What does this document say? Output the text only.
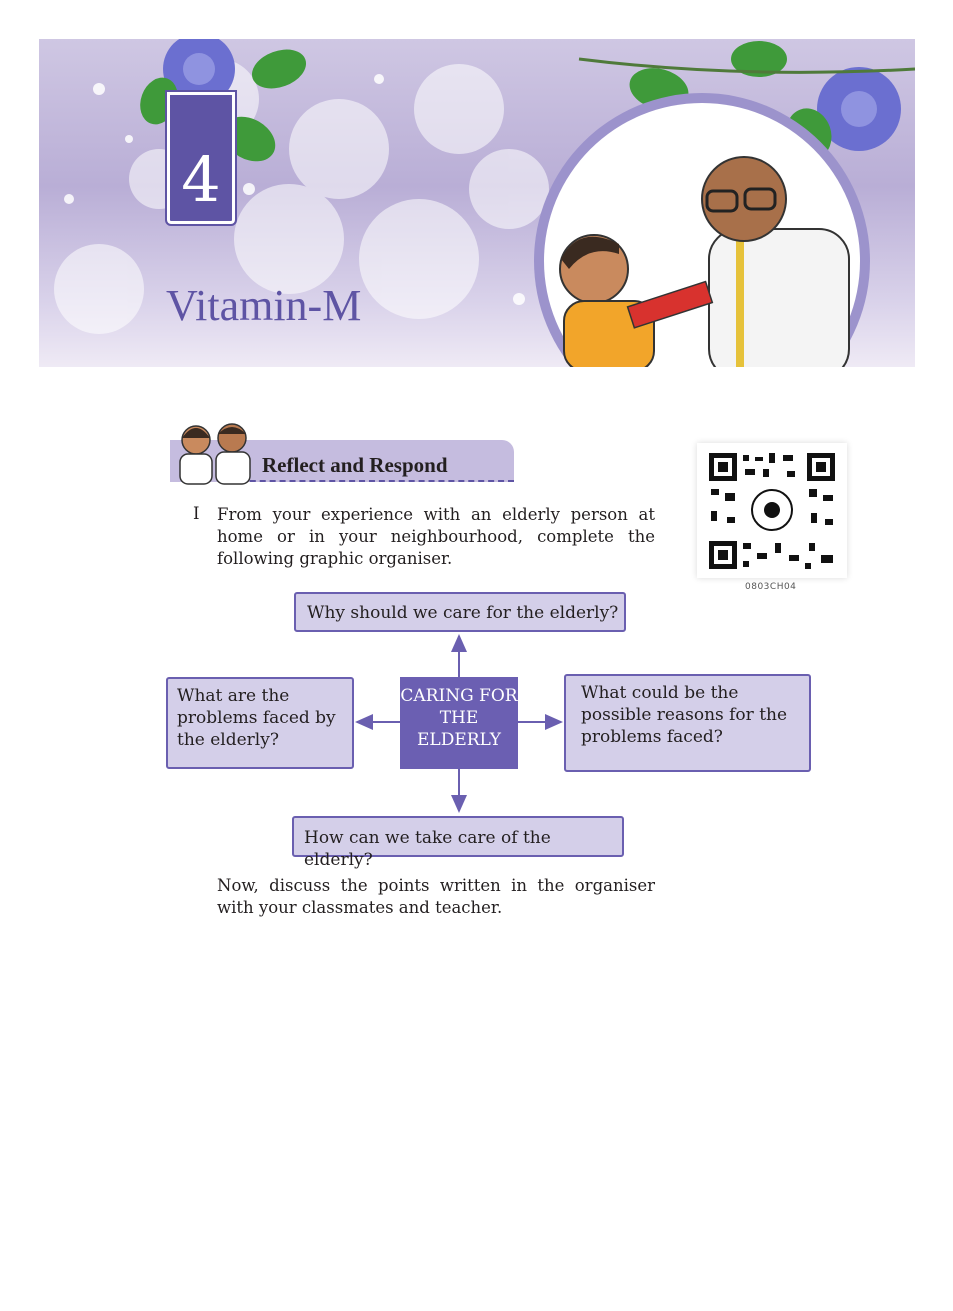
4
Vitamin-M
Reflect and Respond
I From your experience with an elderly person at home or in your neighbourhood, complete the following graphic organiser.
0803CH04
CARING FOR THE ELDERLY
Why should we care for the elderly?
What are the problems faced by the elderly?
What could be the possible reasons for the problems faced?
How can we take care of the elderly?
Now, discuss the points written in the organiser with your classmates and teacher.
